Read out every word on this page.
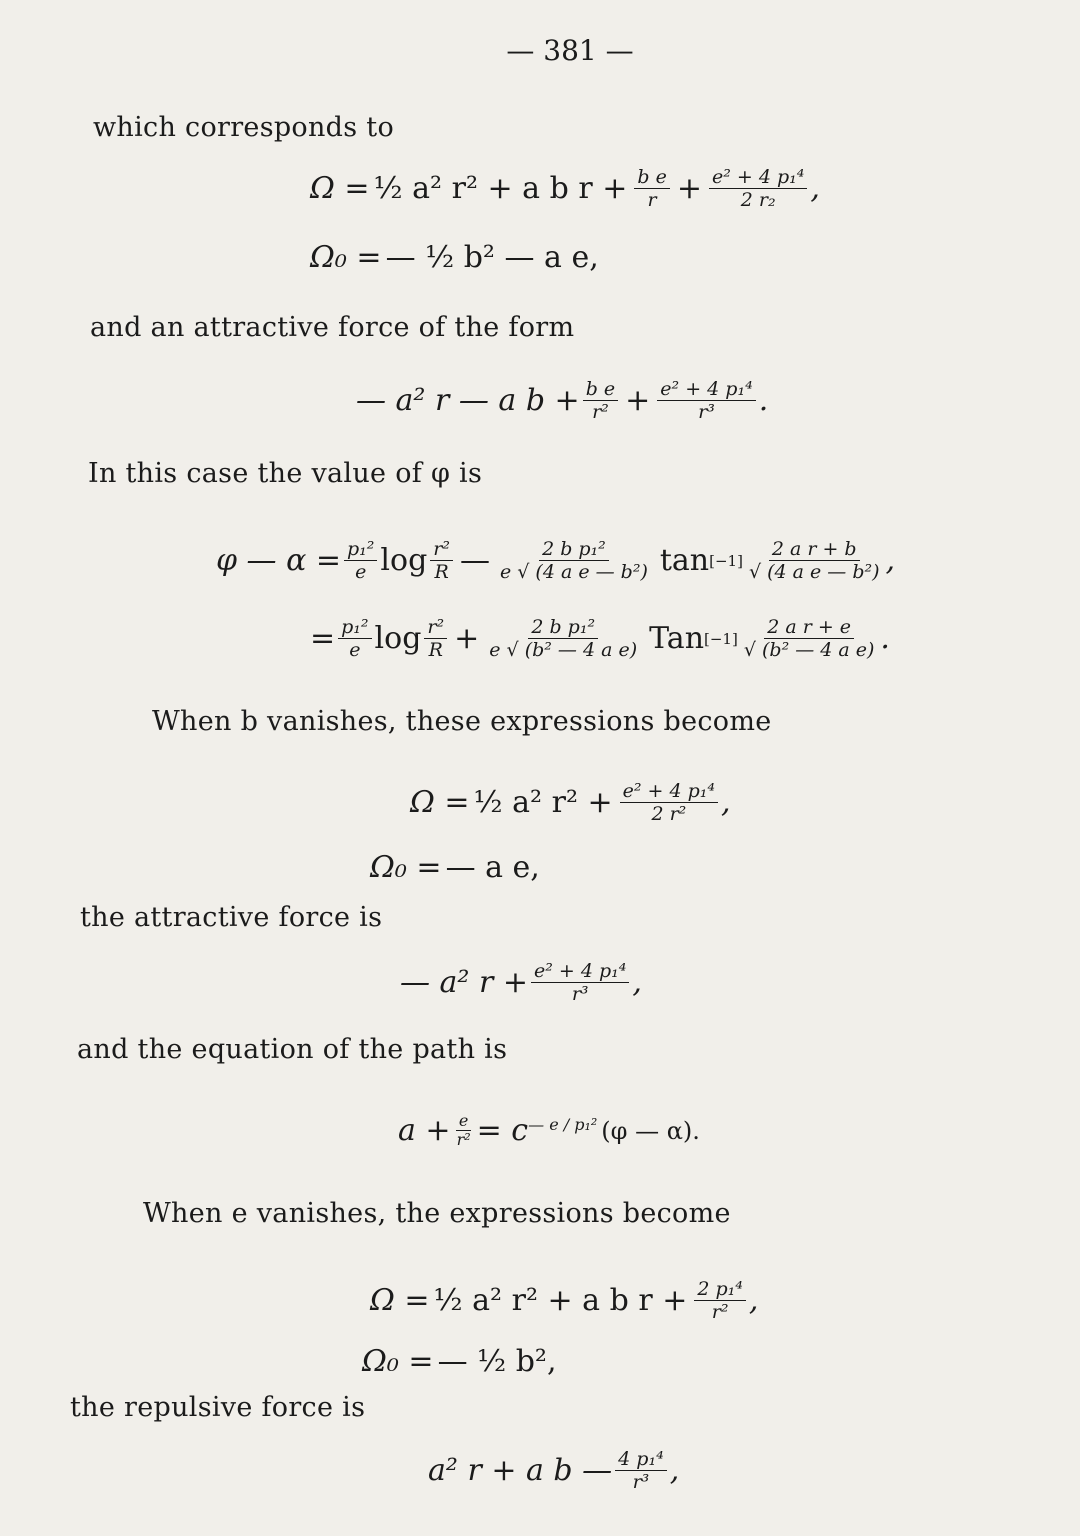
— 381 —
which corresponds to
Ω = ½ a² r² + a b $r + \frac{\text{b e}}{r} + \frac{\text{e² + 4 p₁⁴}}{\text{2 r₂}}$ ,
Ω₀ = — ½ b² — a e,
and an attractive force of the form
— a² r — a $b + \frac{\text{b e}}{\text{r²}} + \frac{\text{e² + 4 p₁⁴}}{\text{r³}}$ .
In this case the value of φ is
φ — $\alpha = \frac{\text{p₁²}}{e}$ $\log \frac{\text{r²}}{R}$ — $\frac{\text{2 b p₁²}}{\text{e √ (4 a e — b²)}}$ $\tan [-1] \frac{\text{2 a r + b}}{\text{√ (4 a e — b²)}}$ ,
= $\frac{\text{p₁²}}{e}$ $\log \frac{\text{r²}}{R} + \frac{\text{2 b p₁²}}{\text{e √ (b² — 4 a e)}}$ Tan $[-1] \frac{\text{2 a r + e}}{\text{√ (b² — 4 a e)}}$ .
When b vanishes, these expressions become
Ω = ½ a² $r^2 + \frac{\text{e² + 4 p₁⁴}}{\text{2 r²}}$ ,
Ω₀ = — a e,
the attractive force is
— a² $r + \frac{\text{e² + 4 p₁⁴}}{\text{r³}}$ ,
and the equation of the path is
$a + \frac{e}{\text{r²}} = c^{— e / p_1^2}$ (φ — α).
When e vanishes, the expressions become
Ω = ½ a² r² + a b $r + \frac{\text{2 p₁⁴}}{\text{r²}}$ ,
Ω₀ = — ½ b²,
the repulsive force is
a² r + a b — $\frac{\text{4 p₁⁴}}{\text{r³}}$ ,
